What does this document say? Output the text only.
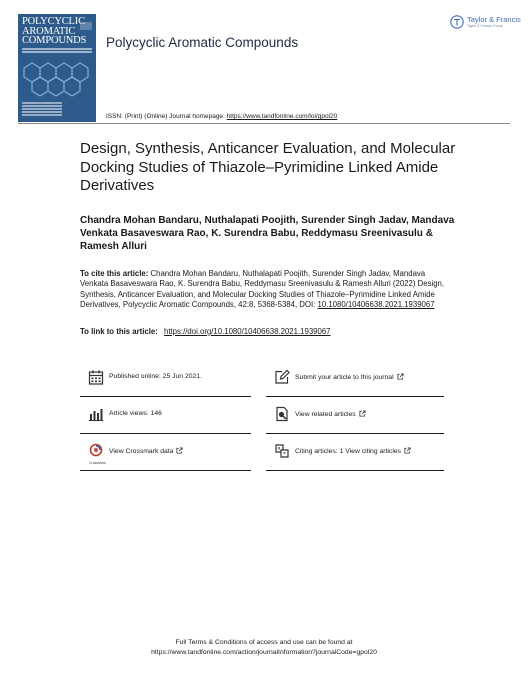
POLYCYCLIC
AROMATIC
COMPOUNDS	Polycyclic Aromatic Compounds
Taylor & Francis
Taylor & Francis Group
ISSN: (Print) (Online) Journal homepage: https://www.tandfonline.com/loi/gpol20
Design, Synthesis, Anticancer Evaluation, and Molecular Docking Studies of Thiazole–Pyrimidine Linked Amide Derivatives
Chandra Mohan Bandaru, Nuthalapati Poojith, Surender Singh Jadav, Mandava Venkata Basaveswara Rao, K. Surendra Babu, Reddymasu Sreenivasulu & Ramesh Alluri
To cite this article: Chandra Mohan Bandaru, Nuthalapati Poojith, Surender Singh Jadav, Mandava Venkata Basaveswara Rao, K. Surendra Babu, Reddymasu Sreenivasulu & Ramesh Alluri (2022) Design, Synthesis, Anticancer Evaluation, and Molecular Docking Studies of Thiazole–Pyrimidine Linked Amide Derivatives, Polycyclic Aromatic Compounds, 42:8, 5368-5384, DOI: 10.1080/10406638.2021.1939067
To link to this article: https://doi.org/10.1080/10406638.2021.1939067
Published online: 25 Jun 2021.	Submit your article to this journal
Article views: 146	View related articles
CrossMark
View Crossmark data	Citing articles: 1 View citing articles
Full Terms & Conditions of access and use can be found at
https://www.tandfonline.com/action/journalInformation?journalCode=gpol20
